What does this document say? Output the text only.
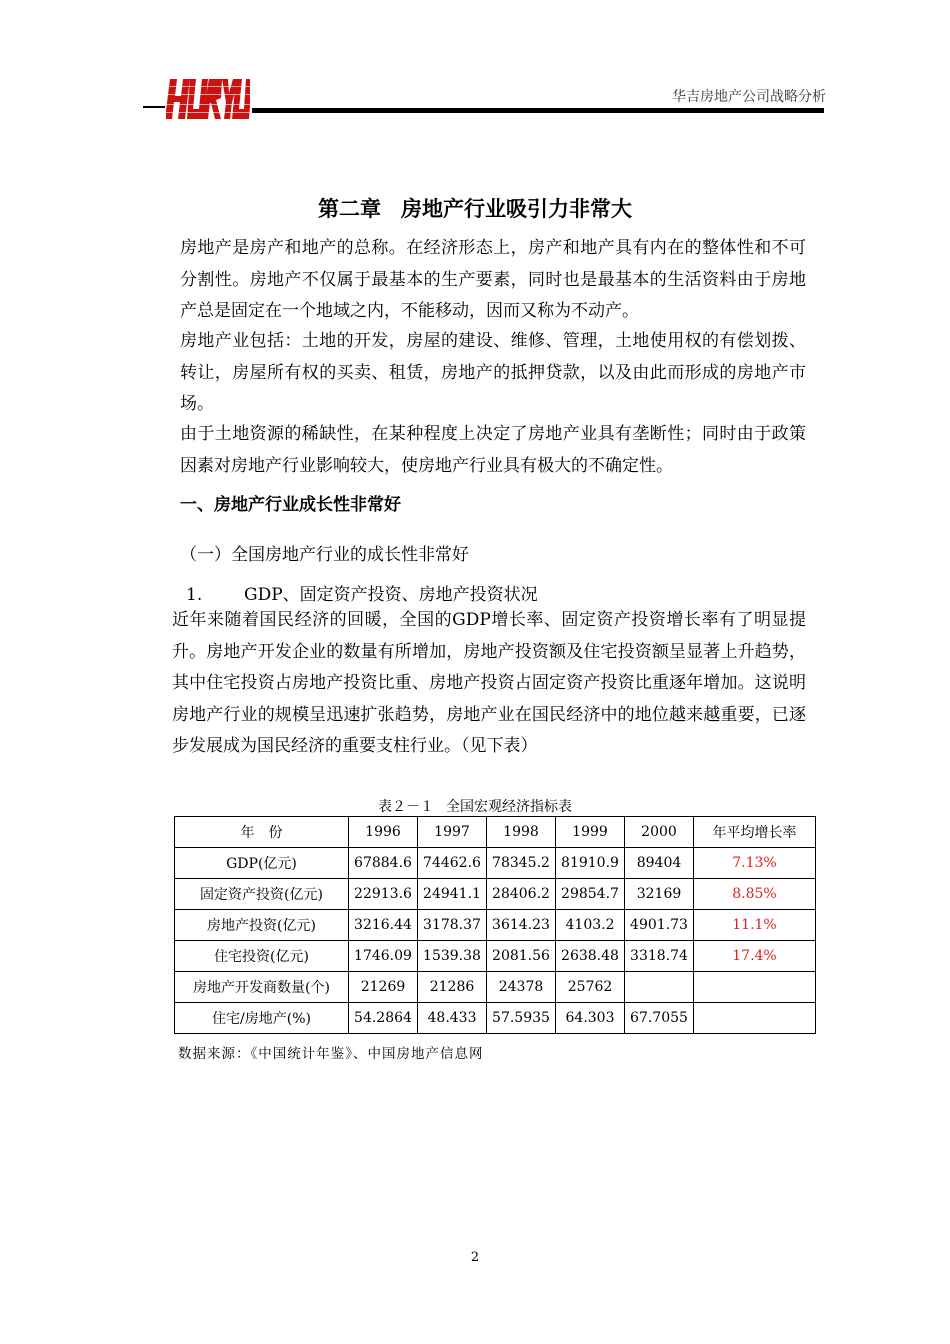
华吉房地产公司战略分析
第二章 房地产行业吸引力非常大
房地产是房产和地产的总称。在经济形态上，房产和地产具有内在的整体性和不可分割性。房地产不仅属于最基本的生产要素，同时也是最基本的生活资料由于房地产总是固定在一个地域之内，不能移动，因而又称为不动产。
房地产业包括：土地的开发，房屋的建设、维修、管理，土地使用权的有偿划拨、转让，房屋所有权的买卖、租赁，房地产的抵押贷款，以及由此而形成的房地产市场。
由于土地资源的稀缺性，在某种程度上决定了房地产业具有垄断性；同时由于政策因素对房地产行业影响较大，使房地产行业具有极大的不确定性。
一、房地产行业成长性非常好
（一）全国房地产行业的成长性非常好
1. GDP、固定资产投资、房地产投资状况
近年来随着国民经济的回暖，全国的GDP增长率、固定资产投资增长率有了明显提升。房地产开发企业的数量有所增加，房地产投资额及住宅投资额呈显著上升趋势，其中住宅投资占房地产投资比重、房地产投资占固定资产投资比重逐年增加。这说明房地产行业的规模呈迅速扩张趋势，房地产业在国民经济中的地位越来越重要，已逐步发展成为国民经济的重要支柱行业。（见下表）
表２－１ 全国宏观经济指标表
年　份	1996	1997	1998	1999	2000	年平均增长率
GDP(亿元)	67884.6	74462.6	78345.2	81910.9	89404	7.13%
固定资产投资(亿元)	22913.6	24941.1	28406.2	29854.7	32169	8.85%
房地产投资(亿元)	3216.44	3178.37	3614.23	4103.2	4901.73	11.1%
住宅投资(亿元)	1746.09	1539.38	2081.56	2638.48	3318.74	17.4%
房地产开发商数量(个)	21269	21286	24378	25762		
住宅/房地产(%)	54.2864	48.433	57.5935	64.303	67.7055	
数据来源：《中国统计年鉴》、中国房地产信息网
2
